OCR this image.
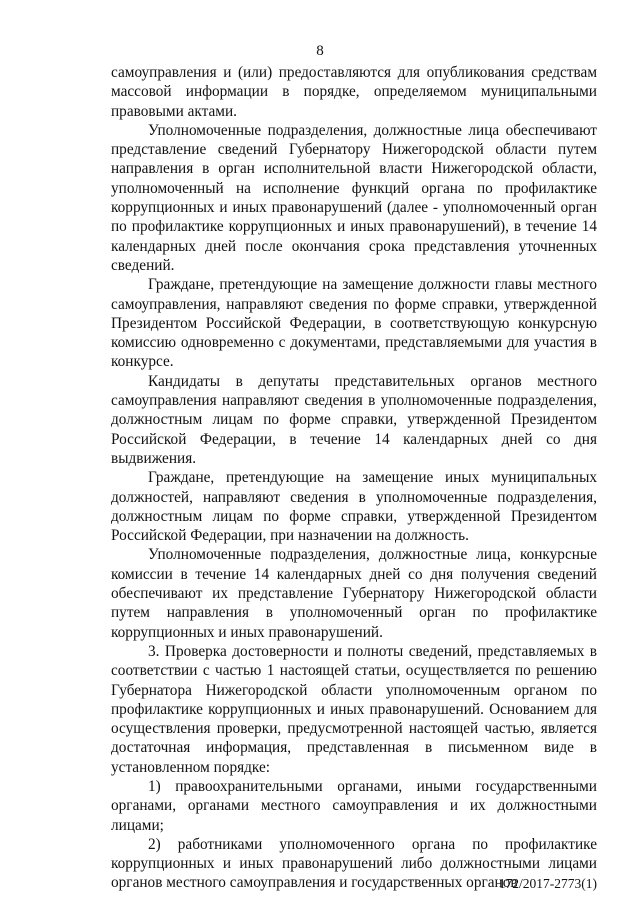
8

самоуправления и (или) предоставляются для опубликования средствам массовой информации в порядке, определяемом муниципальными правовыми актами.

Уполномоченные подразделения, должностные лица обеспечивают представление сведений Губернатору Нижегородской области путем направления в орган исполнительной власти Нижегородской области, уполномоченный на исполнение функций органа по профилактике коррупционных и иных правонарушений (далее - уполномоченный орган по профилактике коррупционных и иных правонарушений), в течение 14 календарных дней после окончания срока представления уточненных сведений.

Граждане, претендующие на замещение должности главы местного самоуправления, направляют сведения по форме справки, утвержденной Президентом Российской Федерации, в соответствующую конкурсную комиссию одновременно с документами, представляемыми для участия в конкурсе.

Кандидаты в депутаты представительных органов местного самоуправления направляют сведения в уполномоченные подразделения, должностным лицам по форме справки, утвержденной Президентом Российской Федерации, в течение 14 календарных дней со дня выдвижения.

Граждане, претендующие на замещение иных муниципальных должностей, направляют сведения в уполномоченные подразделения, должностным лицам по форме справки, утвержденной Президентом Российской Федерации, при назначении на должность.

Уполномоченные подразделения, должностные лица, конкурсные комиссии в течение 14 календарных дней со дня получения сведений обеспечивают их представление Губернатору Нижегородской области путем направления в уполномоченный орган по профилактике коррупционных и иных правонарушений.

3. Проверка достоверности и полноты сведений, представляемых в соответствии с частью 1 настоящей статьи, осуществляется по решению Губернатора Нижегородской области уполномоченным органом по профилактике коррупционных и иных правонарушений. Основанием для осуществления проверки, предусмотренной настоящей частью, является достаточная информация, представленная в письменном виде в установленном порядке:

1) правоохранительными органами, иными государственными органами, органами местного самоуправления и их должностными лицами;

2) работниками уполномоченного органа по профилактике коррупционных и иных правонарушений либо должностными лицами органов местного самоуправления и государственных органов

172/2017-2773(1)
